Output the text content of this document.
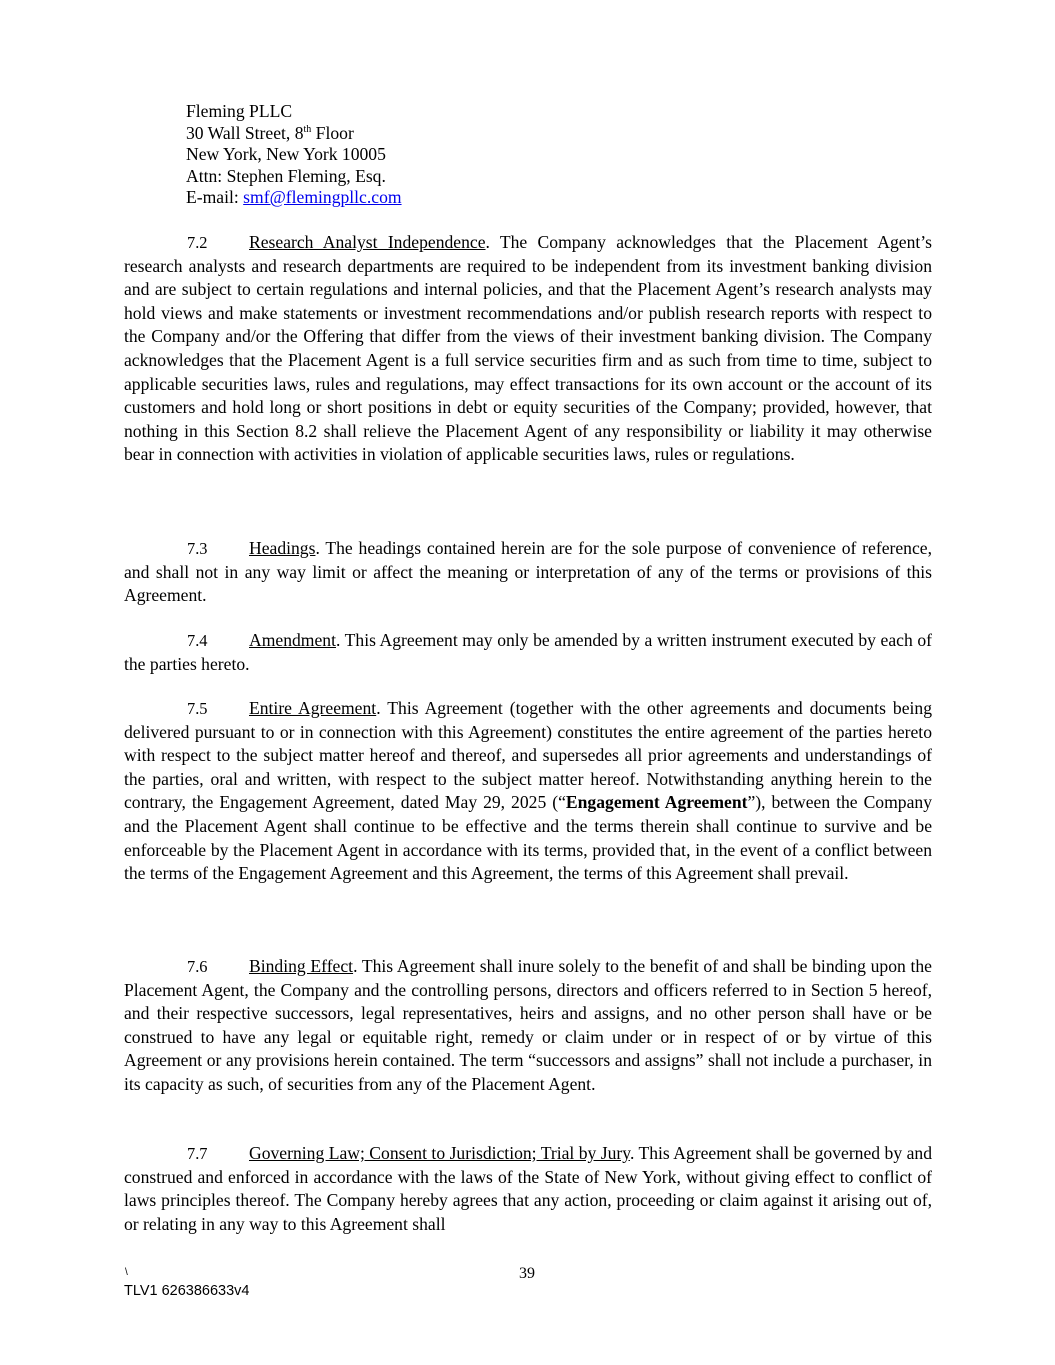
Fleming PLLC
30 Wall Street, 8th Floor
New York, New York 10005
Attn: Stephen Fleming, Esq.
E-mail: smf@flemingpllc.com

7.2 Research Analyst Independence. The Company acknowledges that the Placement Agent’s research analysts and research departments are required to be independent from its investment banking division and are subject to certain regulations and internal policies, and that the Placement Agent’s research analysts may hold views and make statements or investment recommendations and/or publish research reports with respect to the Company and/or the Offering that differ from the views of their investment banking division. The Company acknowledges that the Placement Agent is a full service securities firm and as such from time to time, subject to applicable securities laws, rules and regulations, may effect transactions for its own account or the account of its customers and hold long or short positions in debt or equity securities of the Company; provided, however, that nothing in this Section 8.2 shall relieve the Placement Agent of any responsibility or liability it may otherwise bear in connection with activities in violation of applicable securities laws, rules or regulations.

7.3 Headings. The headings contained herein are for the sole purpose of convenience of reference, and shall not in any way limit or affect the meaning or interpretation of any of the terms or provisions of this Agreement.

7.4 Amendment. This Agreement may only be amended by a written instrument executed by each of the parties hereto.

7.5 Entire Agreement. This Agreement (together with the other agreements and documents being delivered pursuant to or in connection with this Agreement) constitutes the entire agreement of the parties hereto with respect to the subject matter hereof and thereof, and supersedes all prior agreements and understandings of the parties, oral and written, with respect to the subject matter hereof. Notwithstanding anything herein to the contrary, the Engagement Agreement, dated May 29, 2025 (“Engagement Agreement”), between the Company and the Placement Agent shall continue to be effective and the terms therein shall continue to survive and be enforceable by the Placement Agent in accordance with its terms, provided that, in the event of a conflict between the terms of the Engagement Agreement and this Agreement, the terms of this Agreement shall prevail.

7.6 Binding Effect. This Agreement shall inure solely to the benefit of and shall be binding upon the Placement Agent, the Company and the controlling persons, directors and officers referred to in Section 5 hereof, and their respective successors, legal representatives, heirs and assigns, and no other person shall have or be construed to have any legal or equitable right, remedy or claim under or in respect of or by virtue of this Agreement or any provisions herein contained. The term “successors and assigns” shall not include a purchaser, in its capacity as such, of securities from any of the Placement Agent.

7.7 Governing Law; Consent to Jurisdiction; Trial by Jury. This Agreement shall be governed by and construed and enforced in accordance with the laws of the State of New York, without giving effect to conflict of laws principles thereof. The Company hereby agrees that any action, proceeding or claim against it arising out of, or relating in any way to this Agreement shall

\	39
TLV1 626386633v4
